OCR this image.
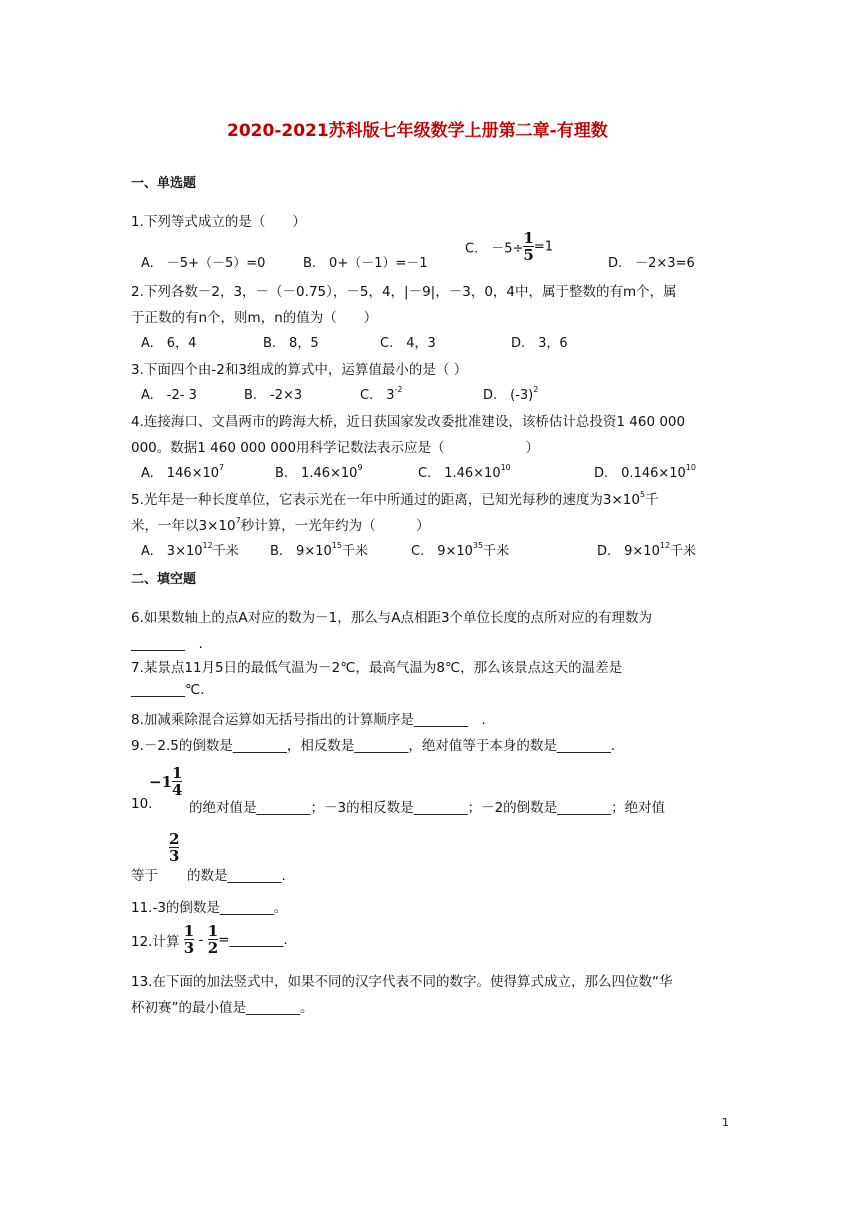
2020-2021苏科版七年级数学上册第二章-有理数
一、单选题
1.下列等式成立的是（　　）
A.　－5+（－5）=0	B.　0+（－1）=－1
C.　$-5\div \frac{1}{5} =1$
D.　－2×3=6
2.下列各数－2，3，－（－0.75），－5，4，|－9|，－3，0，4中，属于整数的有m个，属
于正数的有n个，则m，n的值为（　　）
A.　6，4	B.　8，5	C.　4，3	D.　3，6
3.下面四个由-2和3组成的算式中，运算值最小的是（ ）
A.　-2- 3	B.　-2×3	C.　$3^{-2}$	D.　$(-3)^2$
4.连接海口、文昌两市的跨海大桥，近日获国家发改委批准建设，该桥估计总投资1 460 000
000。数据1 460 000 000用科学记数法表示应是（　　　　　　）
A.　$146\times 10^7$	B.　$1.46\times 10^9$	C.　$1.46\times 10^{10}$	D.　$0.146\times 10^{10}$
5.光年是一种长度单位，它表示光在一年中所通过的距离，已知光每秒的速度为$3\times 10^5$千
米，一年以$3\times 10^7$秒计算，一光年约为（　　　）
A.　$3\times 10^{12}$千米 B.　$9\times 10^{15}$千米	C.　$9\times 10^{35}$千米	D.　$9\times 10^{12}$千米
二、填空题
6.如果数轴上的点A对应的数为－1，那么与A点相距3个单位长度的点所对应的有理数为
________　.
7.某景点11月5日的最低气温为－2℃，最高气温为8℃，那么该景点这天的温差是
________℃.
8.加减乘除混合运算如无括号指出的计算顺序是________　.
9.－2.5的倒数是________，相反数是________，绝对值等于本身的数是________.
10.
$-1 \frac{1}{4}$
的绝对值是________；－3的相反数是________；－2的倒数是________；绝对值
等于
$\frac{2}{3}$
的数是________.
11.-3的倒数是________。
12.计算 $\frac{1}{3} - \frac{1}{2}$ =________.
13.在下面的加法竖式中，如果不同的汉字代表不同的数字。使得算式成立，那么四位数“华
杯初赛”的最小值是________。
1
